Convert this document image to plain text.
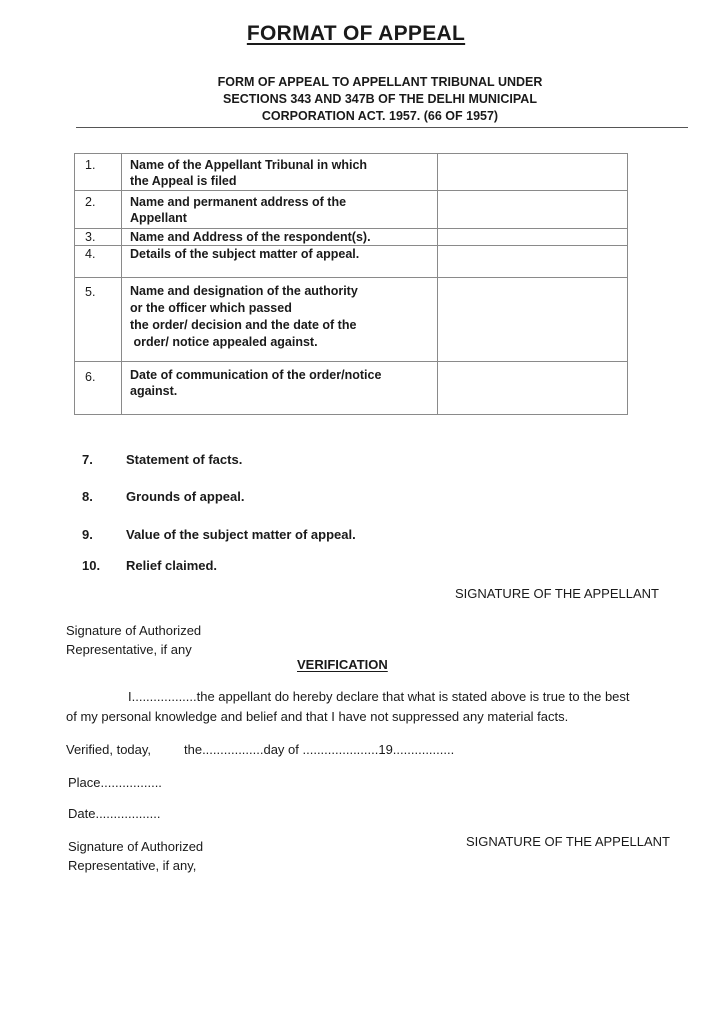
FORMAT OF APPEAL
FORM OF APPEAL TO APPELLANT TRIBUNAL UNDER
SECTIONS 343 AND 347B OF THE DELHI MUNICIPAL
CORPORATION ACT. 1957. (66 OF 1957)
1.	Name of the Appellant Tribunal in which
the Appeal is filed	
2.	Name and permanent address of the
Appellant	
3.	Name and Address of the respondent(s).	
4.	Details of the subject matter of appeal.	
5.	Name and designation of the authority
or the officer which passed
the order/ decision and the date of the
order/ notice appealed against.	
6.	Date of communication of the order/notice
against.	
7.	Statement of facts.
8.	Grounds of appeal.
9.	Value of the subject matter of appeal.
10. Relief claimed.
SIGNATURE OF THE APPELLANT
Signature of Authorized
Representative, if any
VERIFICATION
I..................the appellant do hereby declare that what is stated above is true to the best
of my personal knowledge and belief and that I have not suppressed any material facts.
Verified, today,	the.................day of .....................19.................
Place.................
Date..................
Signature of Authorized
Representative, if any,
SIGNATURE OF THE APPELLANT
